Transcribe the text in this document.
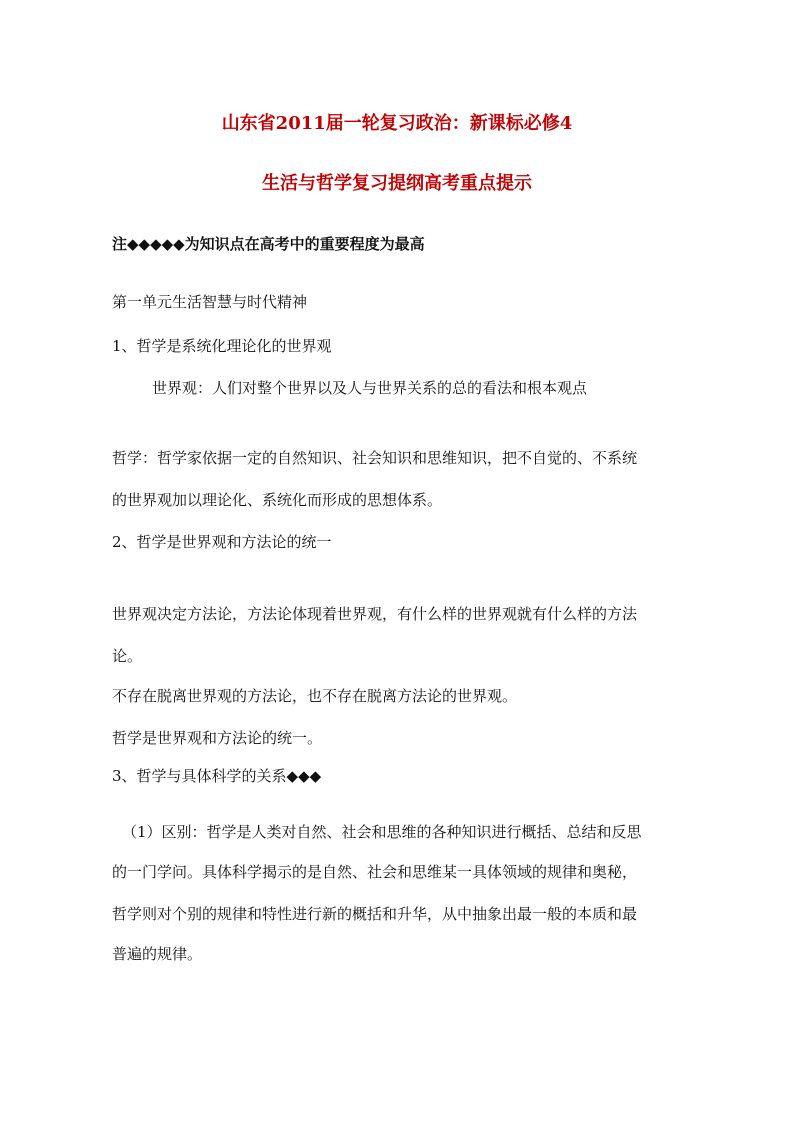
山东省2011届一轮复习政治：新课标必修4
生活与哲学复习提纲高考重点提示
注◆◆◆◆◆为知识点在高考中的重要程度为最高
第一单元生活智慧与时代精神
1、哲学是系统化理论化的世界观
世界观：人们对整个世界以及人与世界关系的总的看法和根本观点
哲学：哲学家依据一定的自然知识、社会知识和思维知识，把不自觉的、不系统
的世界观加以理论化、系统化而形成的思想体系。
2、哲学是世界观和方法论的统一
世界观决定方法论，方法论体现着世界观，有什么样的世界观就有什么样的方法
论。
不存在脱离世界观的方法论，也不存在脱离方法论的世界观。
哲学是世界观和方法论的统一。
3、哲学与具体科学的关系◆◆◆
（1）区别：哲学是人类对自然、社会和思维的各种知识进行概括、总结和反思
的一门学问。具体科学揭示的是自然、社会和思维某一具体领域的规律和奥秘，
哲学则对个别的规律和特性进行新的概括和升华，从中抽象出最一般的本质和最
普遍的规律。
